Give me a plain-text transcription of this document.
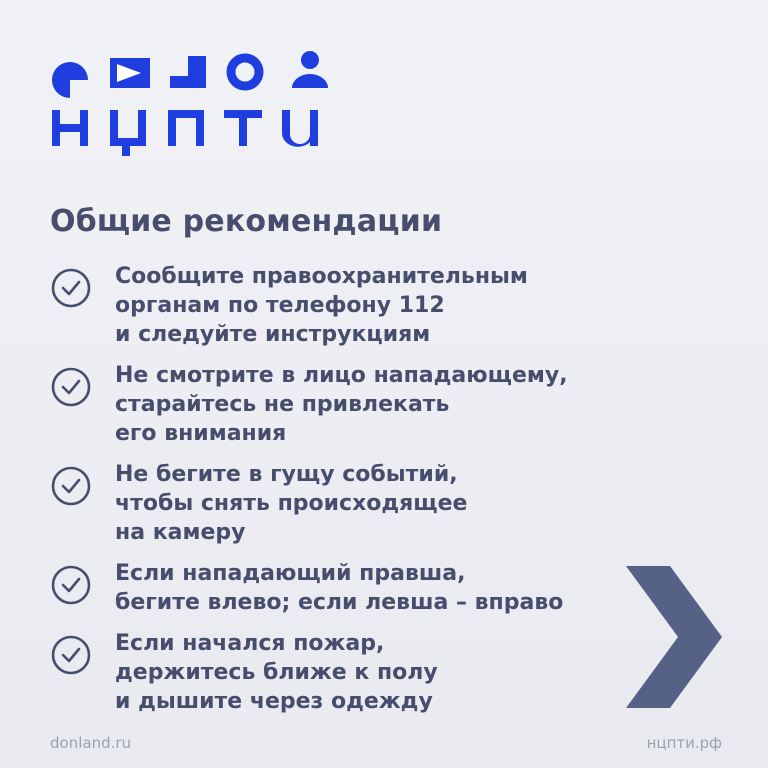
Общие рекомендации
Сообщите правоохранительным
органам по телефону 112
и следуйте инструкциям
Не смотрите в лицо нападающему,
старайтесь не привлекать
его внимания
Не бегите в гущу событий,
чтобы снять происходящее
на камеру
Если нападающий правша,
бегите влево; если левша – вправо
Если начался пожар,
держитесь ближе к полу
и дышите через одежду
donland.ru	нцпти.рф
